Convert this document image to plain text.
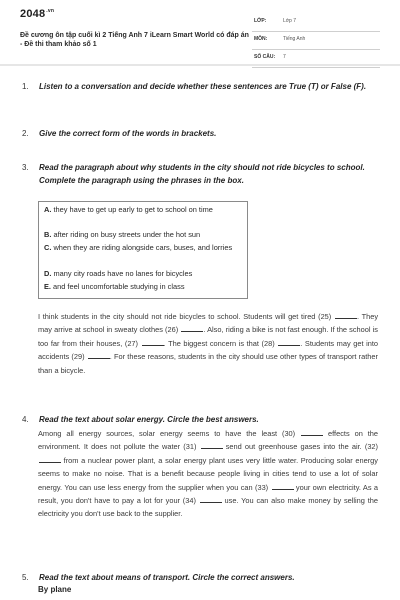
$2048^{.vn}$
Đề cương ôn tập cuối kì 2 Tiếng Anh 7 iLearn Smart World có đáp án - Đề thi tham khảo số 1
LỚP:	Lớp 7
MÔN:	Tiếng Anh
SỐ CÂU: 7
1.	Listen to a conversation and decide whether these sentences are True (T) or False (F).
2.	Give the correct form of the words in brackets.
3.	Read the paragraph about why students in the city should not ride bicycles to school. Complete the paragraph using the phrases in the box.
A. they have to get up early to get to school on time
B. after riding on busy streets under the hot sun
C. when they are riding alongside cars, buses, and lorries
D. many city roads have no lanes for bicycles
E. and feel uncomfortable studying in class
I think students in the city should not ride bicycles to school. Students will get tired (25)	. They may arrive at school in sweaty clothes (26)	. Also, riding a bike is not fast enough. If the school is too far from their houses, (27)	. The biggest concern is that (28)	. Students may get into accidents (29)	. For these reasons, students in the city should use other types of transport rather than a bicycle.
4.	Read the text about solar energy. Circle the best answers.
Among all energy sources, solar energy seems to have the least (30)	effects on the environment. It does not pollute the water (31)	send out greenhouse gases into the air. (32)  from a nuclear power plant, a solar energy plant uses very little water. Producing solar energy seems to make no noise. That is a benefit because people living in cities tend to use a lot of solar energy. You can use less energy from the supplier when you can (33)	your own electricity. As a result, you don't have to pay a lot for your (34)	use. You can also make money by selling the electricity you don't use back to the supplier.
5.	Read the text about means of transport. Circle the correct answers.
By plane
